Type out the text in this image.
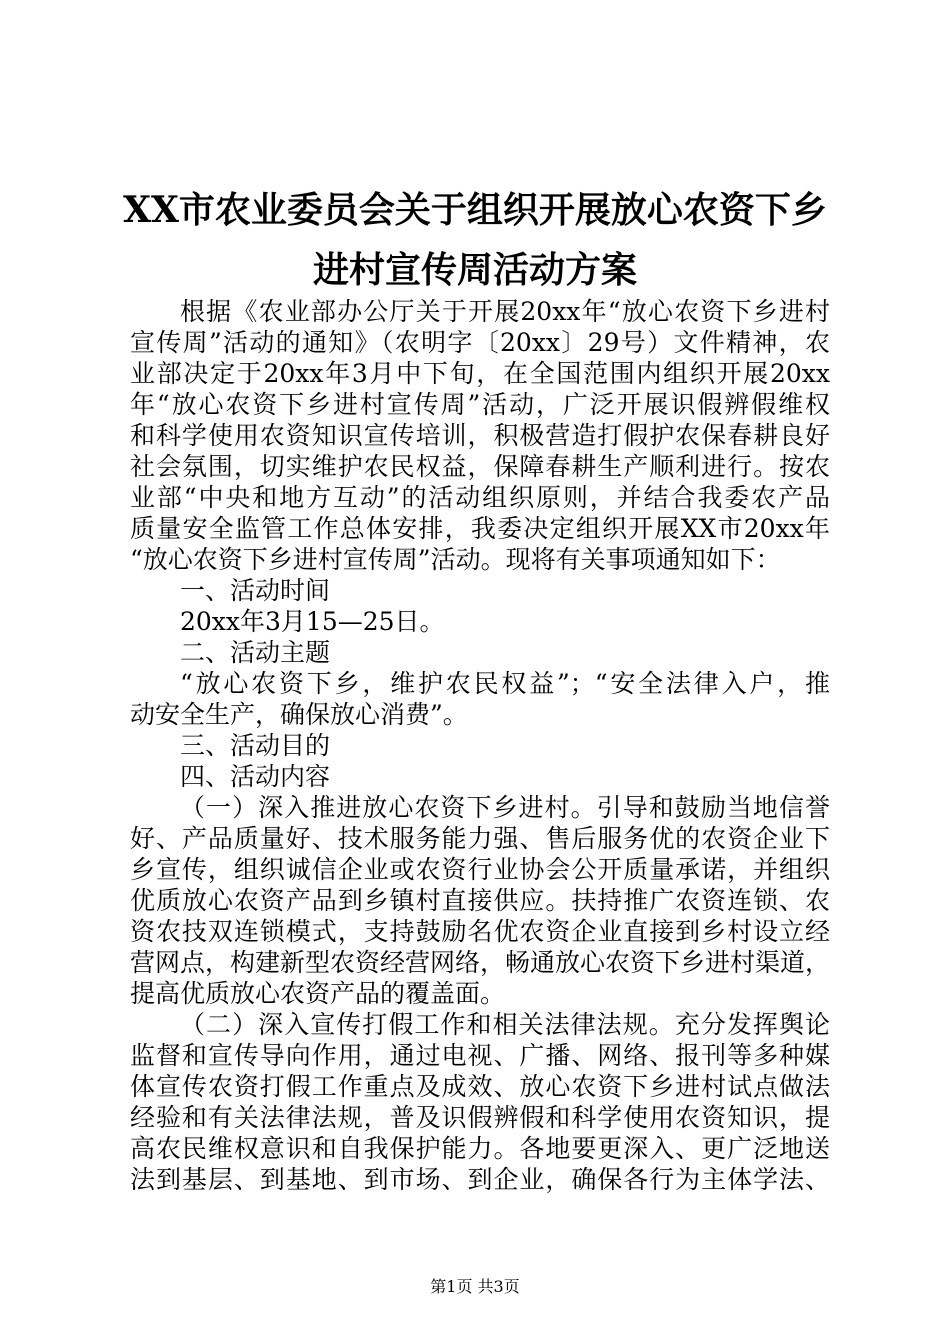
XX市农业委员会关于组织开展放心农资下乡
进村宣传周活动方案
根据《农业部办公厅关于开展20xx年“放心农资下乡进村
宣传周”活动的通知》（农明字〔20xx〕29号）文件精神，农
业部决定于20xx年3月中下旬，在全国范围内组织开展20xx
年“放心农资下乡进村宣传周”活动，广泛开展识假辨假维权
和科学使用农资知识宣传培训，积极营造打假护农保春耕良好
社会氛围，切实维护农民权益，保障春耕生产顺利进行。按农
业部“中央和地方互动”的活动组织原则，并结合我委农产品
质量安全监管工作总体安排，我委决定组织开展XX市20xx年
“放心农资下乡进村宣传周”活动。现将有关事项通知如下：
一、活动时间
20xx年3月15—25日。
二、活动主题
“放心农资下乡，维护农民权益”；“安全法律入户，推
动安全生产，确保放心消费”。
三、活动目的
四、活动内容
（一）深入推进放心农资下乡进村。引导和鼓励当地信誉
好、产品质量好、技术服务能力强、售后服务优的农资企业下
乡宣传，组织诚信企业或农资行业协会公开质量承诺，并组织
优质放心农资产品到乡镇村直接供应。扶持推广农资连锁、农
资农技双连锁模式，支持鼓励名优农资企业直接到乡村设立经
营网点，构建新型农资经营网络，畅通放心农资下乡进村渠道，
提高优质放心农资产品的覆盖面。
（二）深入宣传打假工作和相关法律法规。充分发挥舆论
监督和宣传导向作用，通过电视、广播、网络、报刊等多种媒
体宣传农资打假工作重点及成效、放心农资下乡进村试点做法
经验和有关法律法规，普及识假辨假和科学使用农资知识，提
高农民维权意识和自我保护能力。各地要更深入、更广泛地送
法到基层、到基地、到市场、到企业，确保各行为主体学法、
第1页 共3页
